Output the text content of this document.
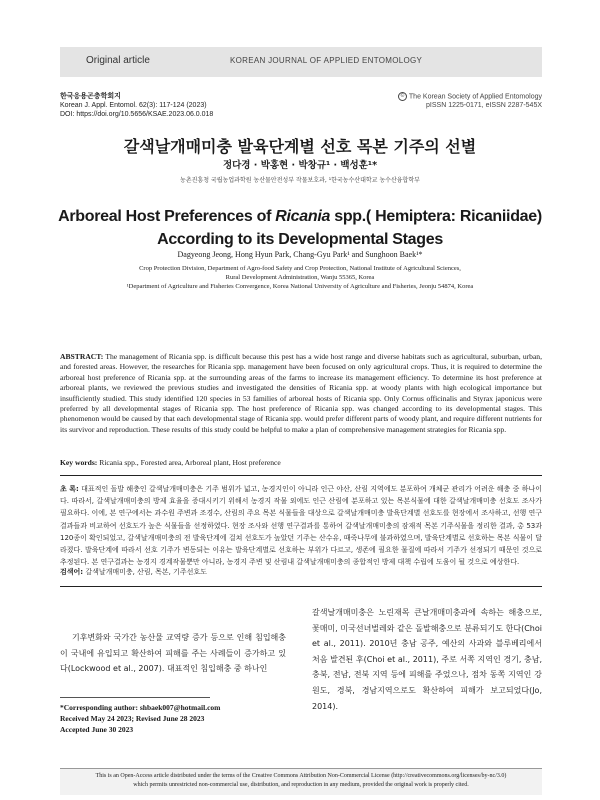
Original article	KOREAN JOURNAL OF APPLIED ENTOMOLOGY
한국응용곤충학회지
Korean J. Appl. Entomol. 62(3): 117-124 (2023)
DOI: https://doi.org/10.5656/KSAE.2023.06.0.018
© The Korean Society of Applied Entomology
pISSN 1225-0171, eISSN 2287-545X
갈색날개매미충 발육단계별 선호 목본 기주의 선별
정다경 · 박홍현 · 박창규¹ · 백성훈¹*
농촌진흥청 국립농업과학원 농산물안전성부 작물보호과, ¹한국농수산대학교 농수산융합학부
Arboreal Host Preferences of Ricania spp.( Hemiptera: Ricaniidae)
According to its Developmental Stages
Dagyeong Jeong, Hong Hyun Park, Chang-Gyu Park¹ and Sunghoon Baek¹*
Crop Protection Division, Department of Agro-food Safety and Crop Protection, National Institute of Agricultural Sciences,
Rural Development Administration, Wanju 55365, Korea
¹Department of Agriculture and Fisheries Convergence, Korea National University of Agriculture and Fisheries, Jeonju 54874, Korea
ABSTRACT: The management of Ricania spp. is difficult because this pest has a wide host range and diverse habitats such as agricultural, suburban, urban, and forested areas. However, the researches for Ricania spp. management have been focused on only agricultural crops. Thus, it is required to determine the arboreal host preference of Ricania spp. at the surrounding areas of the farms to increase its management efficiency. To determine its host preference at arboreal plants, we reviewed the previous studies and investigated the densities of Ricania spp. at woody plants with high ecological importance but insufficiently studied. This study identified 120 species in 53 families of arboreal hosts of Ricania spp. Only Cornus officinalis and Styrax japonicus were preferred by all developmental stages of Ricania spp. The host preference of Ricania spp. was changed according to its developmental stages. This phenomenon would be caused by that each developmental stage of Ricania spp. would prefer different parts of woody plant, and require different nutrients for its survivor and reproduction. These results of this study could be helpful to make a plan of comprehensive management strategies for Ricania spp.
Key words: Ricania spp., Forested area, Arboreal plant, Host preference
초 록: 대표적인 돌발 해충인 갈색날개매미충은 기주 범위가 넓고, 농경지인이 아니라 인근 야산, 산림 지역에도 분포하여 개체군 관리가 어려운 해충 중 하나이다. 따라서, 갈색날개매미충의 방제 효율을 증대시키기 위해서 농경지 작물 외에도 인근 산림에 분포하고 있는 목본식물에 대한 갈색날개매미충 선호도 조사가 필요하다. 이에, 본 연구에서는 과수원 주변과 조경수, 산림의 주요 목본 식물들을 대상으로 갈색날개매미충 발육단계별 선호도를 현장에서 조사하고, 선행 연구결과들과 비교하여 선호도가 높은 식물들을 선정하였다. 현장 조사와 선행 연구결과를 통하여 갈색날개매미충의 잠재적 목본 기주식물을 정리한 결과, 총 53과 120종이 확인되었고, 갈색날개매미충의 전 발육단계에 걸쳐 선호도가 높았던 기주는 산수유, 때죽나무에 불과하였으며, 발육단계별로 선호하는 목본 식물이 달라졌다. 발육단계에 따라서 선호 기주가 변동되는 이유는 발육단계별로 선호하는 부위가 다르고, 생존에 필요한 물질에 따라서 기주가 선정되기 때문인 것으로 추정된다. 본 연구결과는 농경지 경계작물뿐만 아니라, 농경지 주변 및 산림내 갈색날개매미충의 종합적인 방제 대책 수립에 도움이 될 것으로 예상한다.
검색어: 갈색날개매미충, 산림, 목본, 기주선호도
기후변화와 국가간 농산물 교역량 증가 등으로 인해 침입해충이 국내에 유입되고 확산하여 피해를 주는 사례들이 증가하고 있다(Lockwood et al., 2007). 대표적인 침입해충 중 하나인
갈색날개매미충은 노린재목 큰날개매미충과에 속하는 해충으로, 꽃매미, 미국선녀벌레와 같은 돌발해충으로 분류되기도 한다(Choi et al., 2011). 2010년 충남 공주, 예산의 사과와 블루베리에서 처음 발견된 후(Choi et al., 2011), 주로 서쪽 지역인 경기, 충남, 충북, 전남, 전북 지역 등에 피해를 주었으나, 점차 동쪽 지역인 강원도, 경북, 경남지역으로도 확산하여 피해가 보고되었다(Jo, 2014).
*Corresponding author: shbaek007@hotmail.com
Received May 24 2023; Revised June 28 2023
Accepted June 30 2023
This is an Open-Access article distributed under the terms of the Creative Commons Attribution Non-Commercial License (http://creativecommons.org/licenses/by-nc/3.0)
which permits unrestricted non-commercial use, distribution, and reproduction in any medium, provided the original work is properly cited.
